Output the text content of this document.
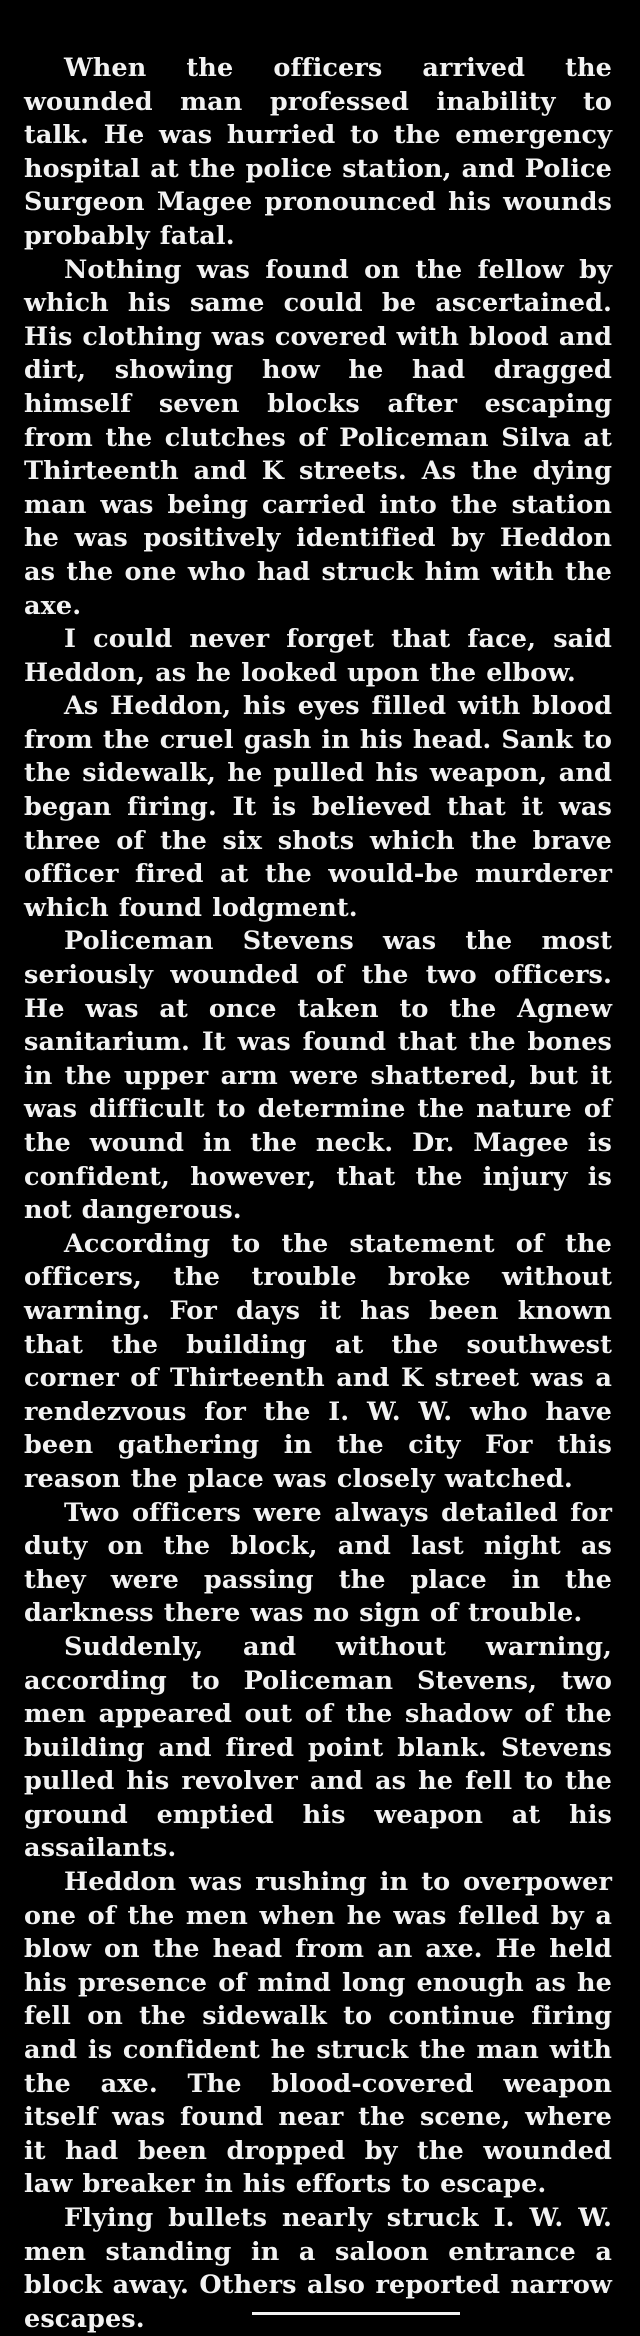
When the officers arrived the wounded man professed inability to talk. He was hurried to the emergency hospital at the police station, and Police Surgeon Magee pronounced his wounds probably fatal.

Nothing was found on the fellow by which his same could be ascertained. His clothing was covered with blood and dirt, showing how he had dragged himself seven blocks after escaping from the clutches of Policeman Silva at Thirteenth and K streets. As the dying man was being carried into the station he was positively identified by Heddon as the one who had struck him with the axe.

I could never forget that face, said Heddon, as he looked upon the elbow.

As Heddon, his eyes filled with blood from the cruel gash in his head. Sank to the sidewalk, he pulled his weapon, and began firing. It is believed that it was three of the six shots which the brave officer fired at the would-be murderer which found lodgment.

Policeman Stevens was the most seriously wounded of the two officers. He was at once taken to the Agnew sanitarium. It was found that the bones in the upper arm were shattered, but it was difficult to determine the nature of the wound in the neck. Dr. Magee is confident, however, that the injury is not dangerous.

According to the statement of the officers, the trouble broke without warning. For days it has been known that the building at the southwest corner of Thirteenth and K street was a rendezvous for the I. W. W. who have been gathering in the city For this reason the place was closely watched.

Two officers were always detailed for duty on the block, and last night as they were passing the place in the darkness there was no sign of trouble.

Suddenly, and without warning, according to Policeman Stevens, two men appeared out of the shadow of the building and fired point blank. Stevens pulled his revolver and as he fell to the ground emptied his weapon at his assailants.

Heddon was rushing in to overpower one of the men when he was felled by a blow on the head from an axe. He held his presence of mind long enough as he fell on the sidewalk to continue firing and is confident he struck the man with the axe. The blood-covered weapon itself was found near the scene, where it had been dropped by the wounded law breaker in his efforts to escape.

Flying bullets nearly struck I. W. W. men standing in a saloon entrance a block away. Others also reported narrow escapes.
